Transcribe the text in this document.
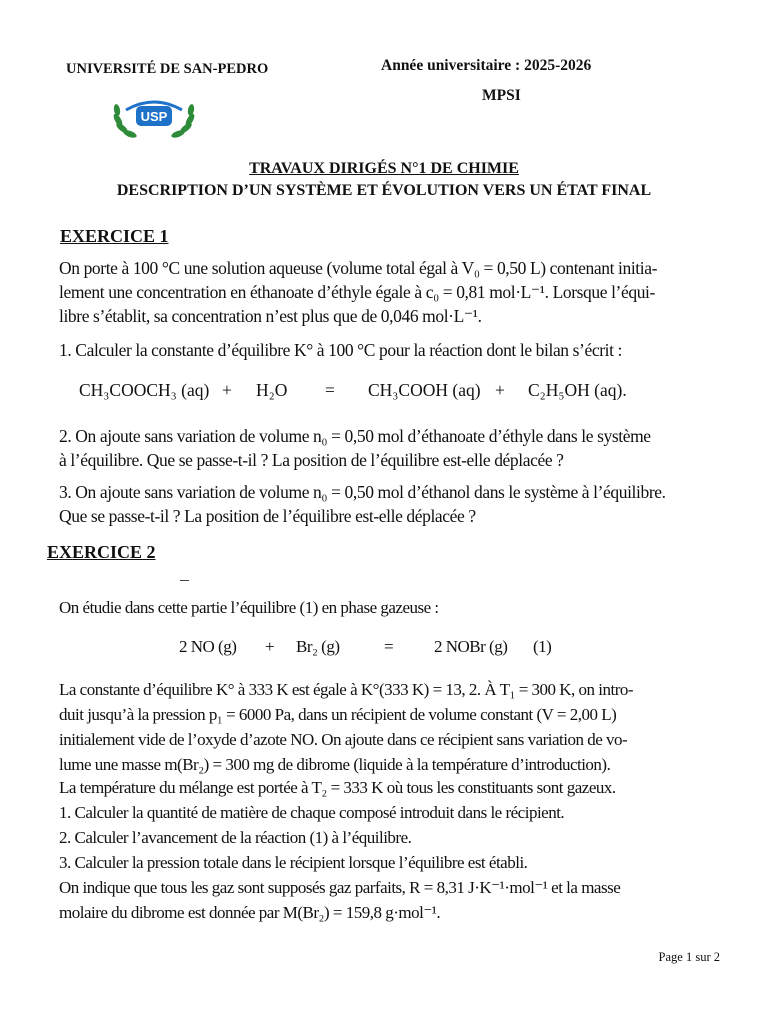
UNIVERSITÉ DE SAN-PEDRO	Année universitaire : 2025-2026
MPSI
USP
TRAVAUX DIRIGÉS N°1 DE CHIMIE
DESCRIPTION D’UN SYSTÈME ET ÉVOLUTION VERS UN ÉTAT FINAL
EXERCICE 1
On porte à 100 °C une solution aqueuse (volume total égal à V₀ = 0,50 L) contenant initia-
lement une concentration en éthanoate d’éthyle égale à c₀ = 0,81 mol·L⁻¹. Lorsque l’équi-
libre s’établit, sa concentration n’est plus que de 0,046 mol·L⁻¹.
1. Calculer la constante d’équilibre K° à 100 °C pour la réaction dont le bilan s’écrit :
CH₃COOCH₃ (aq) + H₂O = CH₃COOH (aq) + C₂H₅OH (aq).
2. On ajoute sans variation de volume n₀ = 0,50 mol d’éthanoate d’éthyle dans le système
à l’équilibre. Que se passe-t-il ? La position de l’équilibre est-elle déplacée ?
3. On ajoute sans variation de volume n₀ = 0,50 mol d’éthanol dans le système à l’équilibre.
Que se passe-t-il ? La position de l’équilibre est-elle déplacée ?
EXERCICE 2
On étudie dans cette partie l’équilibre (1) en phase gazeuse :
2 NO (g) + Br₂ (g)	= 2 NOBr (g) (1)
La constante d’équilibre K° à 333 K est égale à K°(333 K) = 13, 2. À T₁ = 300 K, on intro-
duit jusqu’à la pression p₁ = 6000 Pa, dans un récipient de volume constant (V = 2,00 L)
initialement vide de l’oxyde d’azote NO. On ajoute dans ce récipient sans variation de vo-
lume une masse m(Br₂) = 300 mg de dibrome (liquide à la température d’introduction).
La température du mélange est portée à T₂ = 333 K où tous les constituants sont gazeux.
1. Calculer la quantité de matière de chaque composé introduit dans le récipient.
2. Calculer l’avancement de la réaction (1) à l’équilibre.
3. Calculer la pression totale dans le récipient lorsque l’équilibre est établi.
On indique que tous les gaz sont supposés gaz parfaits, R = 8,31 J·K⁻¹·mol⁻¹ et la masse
molaire du dibrome est donnée par M(Br₂) = 159,8 g·mol⁻¹.
Page 1 sur 2
